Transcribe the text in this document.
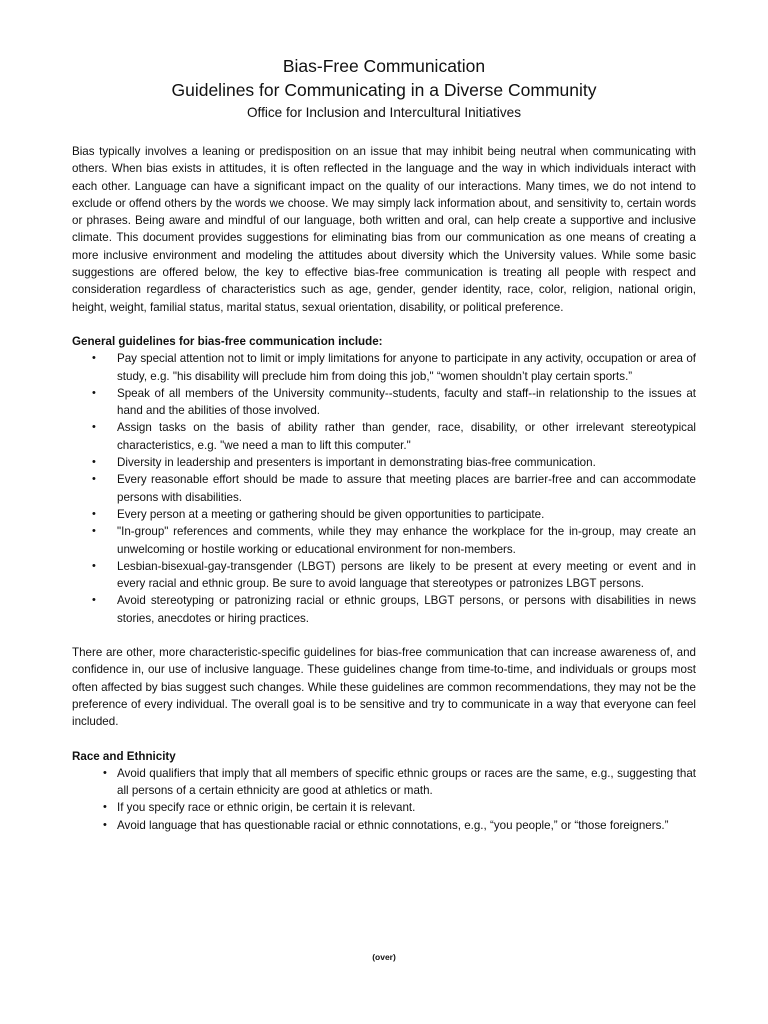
Bias-Free Communication
Guidelines for Communicating in a Diverse Community
Office for Inclusion and Intercultural Initiatives

Bias typically involves a leaning or predisposition on an issue that may inhibit being neutral when communicating with others. When bias exists in attitudes, it is often reflected in the language and the way in which individuals interact with each other. Language can have a significant impact on the quality of our interactions. Many times, we do not intend to exclude or offend others by the words we choose. We may simply lack information about, and sensitivity to, certain words or phrases. Being aware and mindful of our language, both written and oral, can help create a supportive and inclusive climate. This document provides suggestions for eliminating bias from our communication as one means of creating a more inclusive environment and modeling the attitudes about diversity which the University values. While some basic suggestions are offered below, the key to effective bias-free communication is treating all people with respect and consideration regardless of characteristics such as age, gender, gender identity, race, color, religion, national origin, height, weight, familial status, marital status, sexual orientation, disability, or political preference.

General guidelines for bias-free communication include:
• Pay special attention not to limit or imply limitations for anyone to participate in any activity, occupation or area of study, e.g. "his disability will preclude him from doing this job," “women shouldn’t play certain sports.”
• Speak of all members of the University community--students, faculty and staff--in relationship to the issues at hand and the abilities of those involved.
• Assign tasks on the basis of ability rather than gender, race, disability, or other irrelevant stereotypical characteristics, e.g. "we need a man to lift this computer."
• Diversity in leadership and presenters is important in demonstrating bias-free communication.
• Every reasonable effort should be made to assure that meeting places are barrier-free and can accommodate persons with disabilities.
• Every person at a meeting or gathering should be given opportunities to participate.
• "In-group" references and comments, while they may enhance the workplace for the in-group, may create an unwelcoming or hostile working or educational environment for non-members.
• Lesbian-bisexual-gay-transgender (LBGT) persons are likely to be present at every meeting or event and in every racial and ethnic group. Be sure to avoid language that stereotypes or patronizes LBGT persons.
• Avoid stereotyping or patronizing racial or ethnic groups, LBGT persons, or persons with disabilities in news stories, anecdotes or hiring practices.

There are other, more characteristic-specific guidelines for bias-free communication that can increase awareness of, and confidence in, our use of inclusive language. These guidelines change from time-to-time, and individuals or groups most often affected by bias suggest such changes. While these guidelines are common recommendations, they may not be the preference of every individual. The overall goal is to be sensitive and try to communicate in a way that everyone can feel included.

Race and Ethnicity
• Avoid qualifiers that imply that all members of specific ethnic groups or races are the same, e.g., suggesting that all persons of a certain ethnicity are good at athletics or math.
• If you specify race or ethnic origin, be certain it is relevant.
• Avoid language that has questionable racial or ethnic connotations, e.g., “you people,” or “those foreigners.”
(over)
